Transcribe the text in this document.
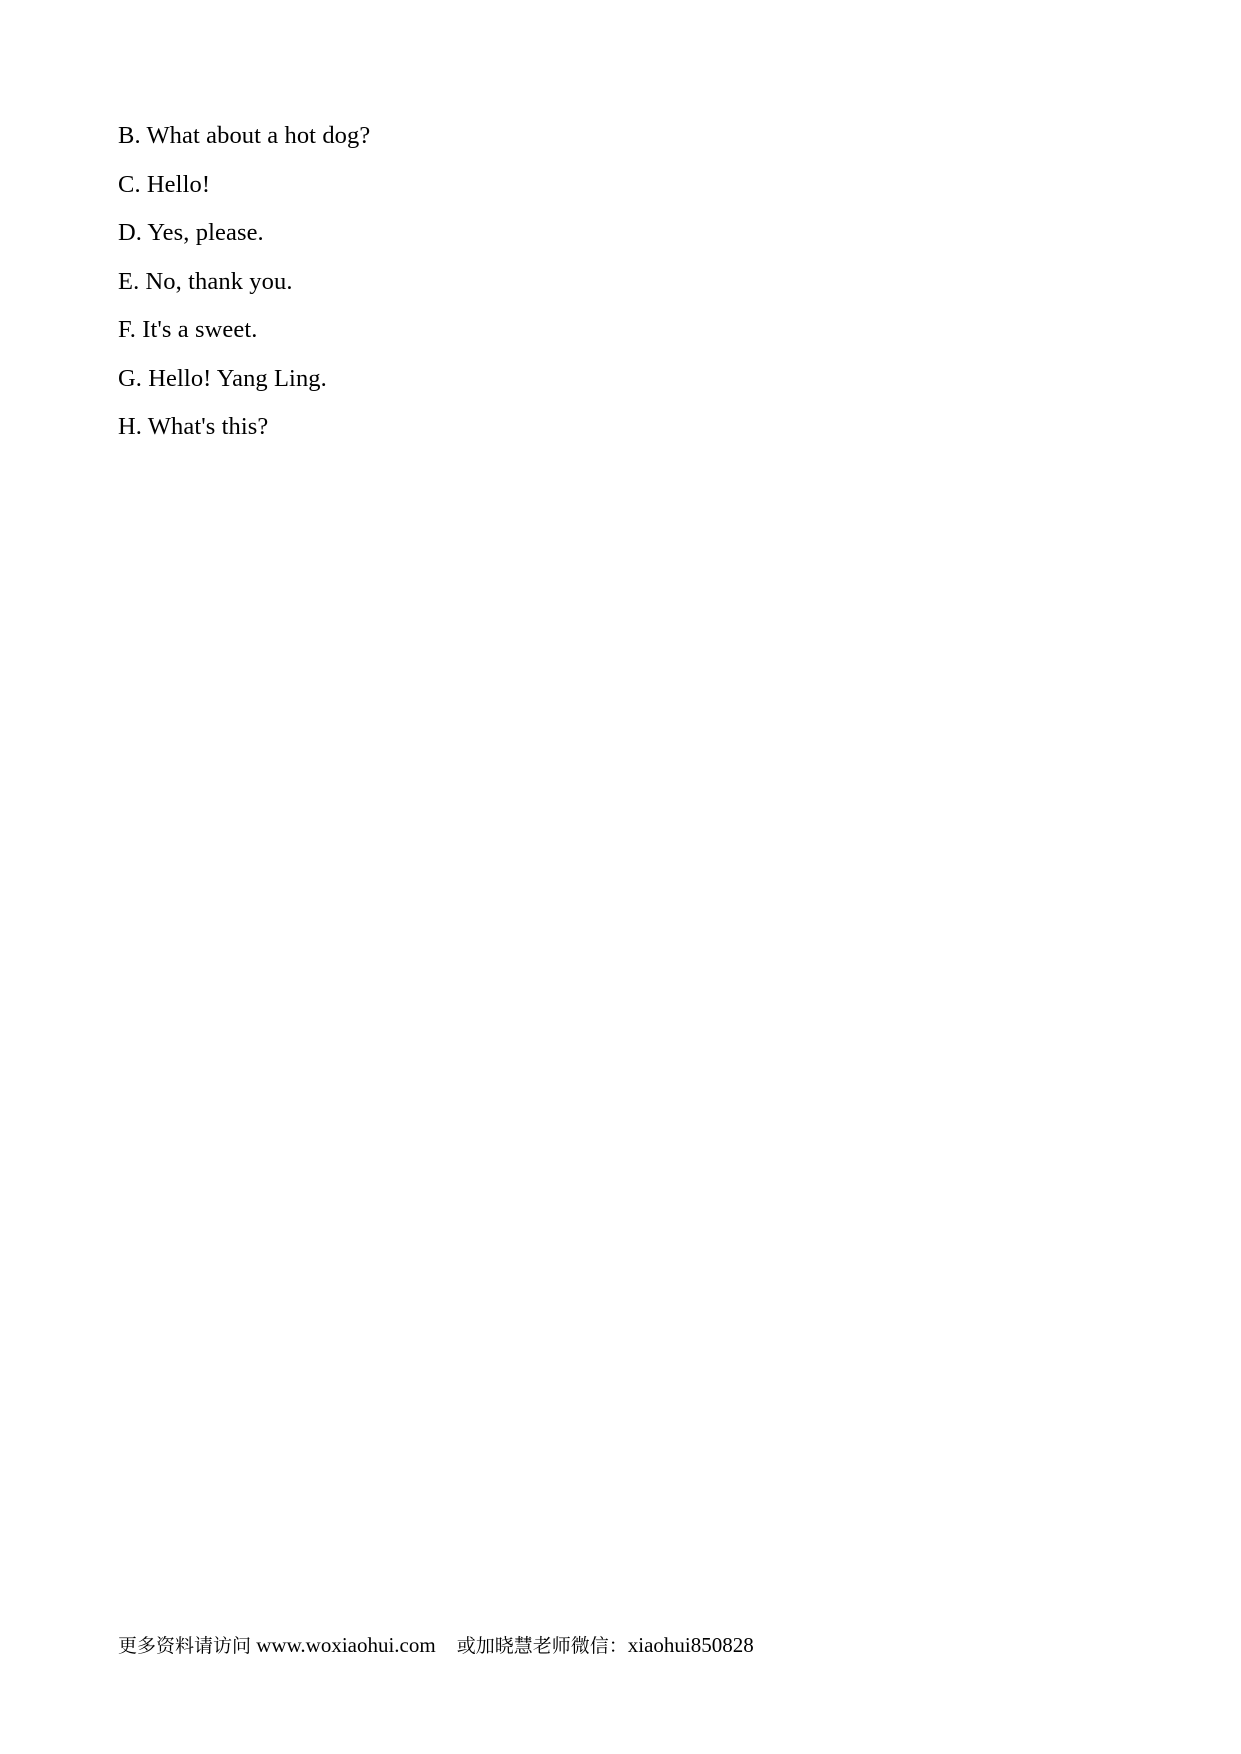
B. What about a hot dog?
C. Hello!
D. Yes, please.
E. No, thank you.
F. It's a sweet.
G. Hello! Yang Ling.
H. What's this?
更多资料请访问 www.woxiaohui.com　 或加晓慧老师微信：xiaohui850828
